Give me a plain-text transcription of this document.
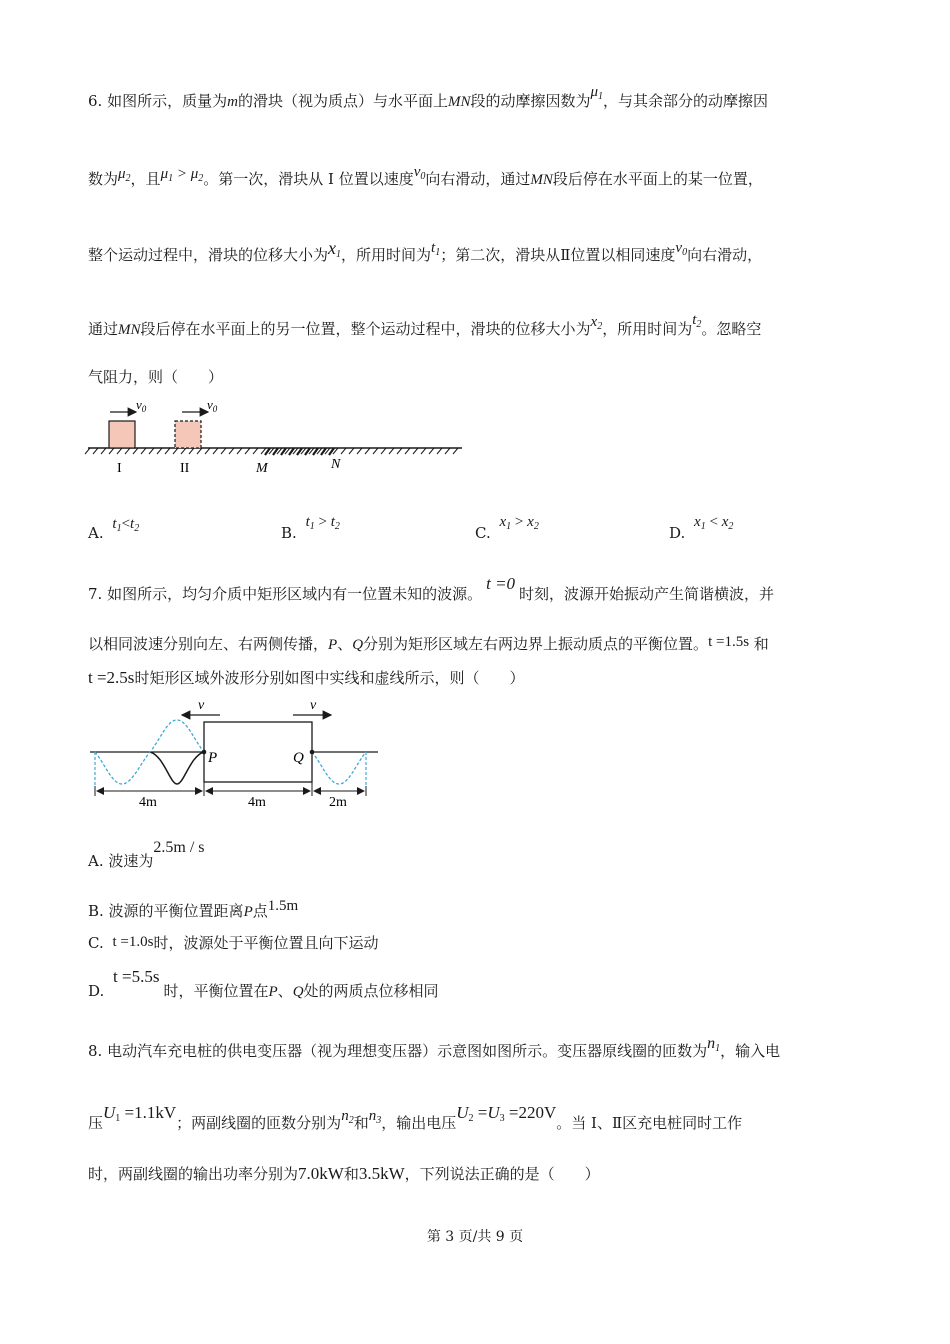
6. 如图所示，质量为m的滑块（视为质点）与水平面上MN段的动摩擦因数为$\mu_1$，与其余部分的动摩擦因
数为$\mu_2$，且$\mu_1 > \mu_2$。第一次，滑块从 I 位置以速度$v_0$向右滑动，通过MN段后停在水平面上的某一位置，
整个运动过程中，滑块的位移大小为$x_1$，所用时间为$t_1$；第二次，滑块从Ⅱ位置以相同速度$v_0$向右滑动，
通过MN段后停在水平面上的另一位置，整个运动过程中，滑块的位移大小为$x_2$，所用时间为$t_2$。忽略空
气阻力，则（　　）
$v_0$	$v_0$
I	II	M	N
A. $t_1<t_2$	B. $t_1 > t_2$	C. $x_1 > x_2$	D. $x_1 < x_2$
7. 如图所示，均匀介质中矩形区域内有一位置未知的波源。t =0时刻，波源开始振动产生简谐横波，并
以相同波速分别向左、右两侧传播，P、Q分别为矩形区域左右两边界上振动质点的平衡位置。t =1.5s 和
t =2.5s时矩形区域外波形分别如图中实线和虚线所示，则（　　）
P	Q
v	v
4m	4m	2m
A. 波速为2.5m / s
B. 波源的平衡位置距离P点1.5m
C. t =1.0s时，波源处于平衡位置且向下运动
D. t =5.5s时，平衡位置在P、Q处的两质点位移相同
8. 电动汽车充电桩的供电变压器（视为理想变压器）示意图如图所示。变压器原线圈的匝数为$n_1$，输入电
压$U_1 =1.1kV$；两副线圈的匝数分别为$n_2$和$n_3$，输出电压$U_2 =U_3 =220V$。当 I、Ⅱ区充电桩同时工作
时，两副线圈的输出功率分别为7.0kW和3.5kW，下列说法正确的是（　　）
第 3 页/共 9 页
